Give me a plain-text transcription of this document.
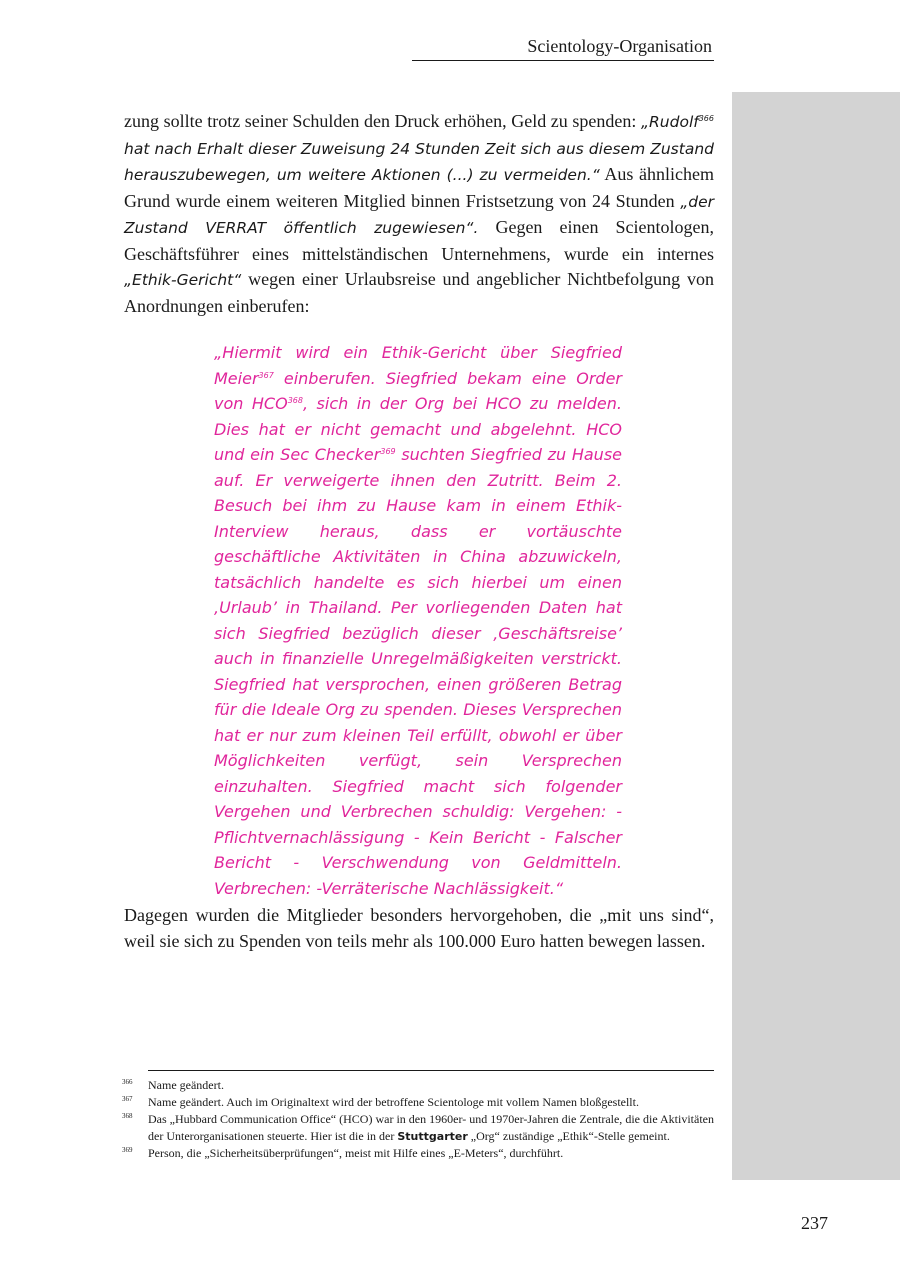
Scientology-Organisation

zung sollte trotz seiner Schulden den Druck erhöhen, Geld zu spenden: „Rudolf$^{366}$ hat nach Erhalt dieser Zuweisung 24 Stunden Zeit sich aus diesem Zustand herauszubewegen, um weitere Aktionen (...) zu vermeiden.“ Aus ähnlichem Grund wurde einem weiteren Mitglied binnen Fristsetzung von 24 Stunden „der Zustand VERRAT öffentlich zugewiesen“. Gegen einen Scientologen, Geschäftsführer eines mittelständischen Unternehmens, wurde ein internes „Ethik-Gericht“ wegen einer Urlaubsreise und angeblicher Nichtbefolgung von Anordnungen einberufen:

„Hiermit wird ein Ethik-Gericht über Siegfried Meier$^{367}$ einberufen. Siegfried bekam eine Order von HCO$^{368}$, sich in der Org bei HCO zu melden. Dies hat er nicht gemacht und abgelehnt. HCO und ein Sec Checker$^{369}$ suchten Siegfried zu Hause auf. Er verweigerte ihnen den Zutritt. Beim 2. Besuch bei ihm zu Hause kam in einem Ethik-Interview heraus, dass er vortäuschte geschäftliche Aktivitäten in China abzuwickeln, tatsächlich handelte es sich hierbei um einen ‚Urlaub’ in Thailand. Per vorliegenden Daten hat sich Siegfried bezüglich dieser ‚Geschäftsreise’ auch in finanzielle Unregelmäßigkeiten verstrickt. Siegfried hat versprochen, einen größeren Betrag für die Ideale Org zu spenden. Dieses Versprechen hat er nur zum kleinen Teil erfüllt, obwohl er über Möglichkeiten verfügt, sein Versprechen einzuhalten. Siegfried macht sich folgender Vergehen und Verbrechen schuldig: Vergehen: - Pflichtvernachlässigung - Kein Bericht - Falscher Bericht - Verschwendung von Geldmitteln. Verbrechen: -Verräterische Nachlässigkeit.“

Dagegen wurden die Mitglieder besonders hervorgehoben, die „mit uns sind“, weil sie sich zu Spenden von teils mehr als 100.000 Euro hatten bewegen lassen.

366 Name geändert.
367 Name geändert. Auch im Originaltext wird der betroffene Scientologe mit vollem Namen bloßgestellt.
368 Das „Hubbard Communication Office“ (HCO) war in den 1960er- und 1970er-Jahren die Zentrale, die die Aktivitäten der Unterorganisationen steuerte. Hier ist die in der Stuttgarter „Org“ zuständige „Ethik“-Stelle gemeint.
369 Person, die „Sicherheitsüberprüfungen“, meist mit Hilfe eines „E-Meters“, durchführt.
237
